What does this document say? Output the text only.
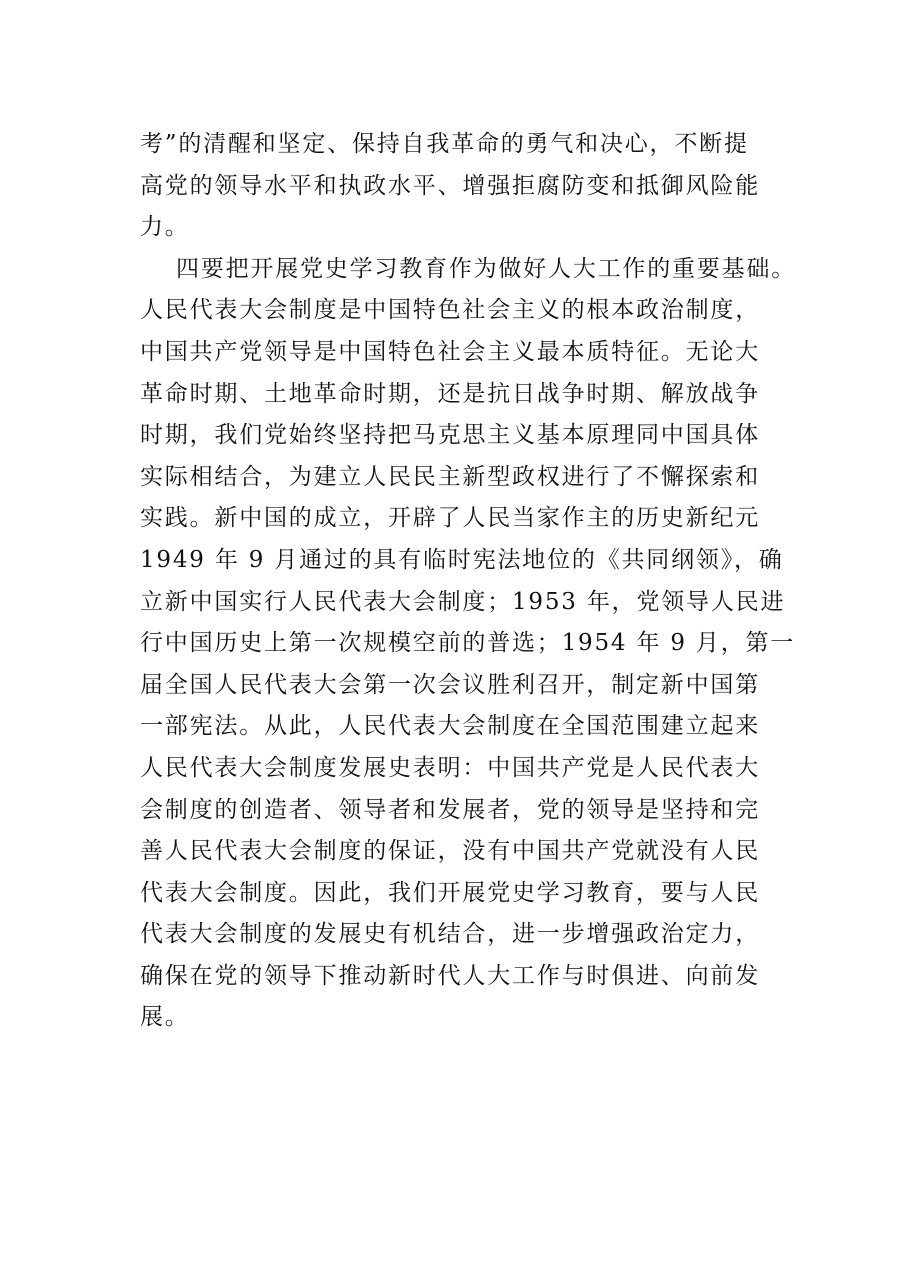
考”的清醒和坚定、保持自我革命的勇气和决心，不断提
高党的领导水平和执政水平、增强拒腐防变和抵御风险能
力。
四要把开展党史学习教育作为做好人大工作的重要基础。
人民代表大会制度是中国特色社会主义的根本政治制度，
中国共产党领导是中国特色社会主义最本质特征。无论大
革命时期、土地革命时期，还是抗日战争时期、解放战争
时期，我们党始终坚持把马克思主义基本原理同中国具体
实际相结合，为建立人民民主新型政权进行了不懈探索和
实践。新中国的成立，开辟了人民当家作主的历史新纪元
1949 年 9 月通过的具有临时宪法地位的《共同纲领》，确
立新中国实行人民代表大会制度；1953 年，党领导人民进
行中国历史上第一次规模空前的普选；1954 年 9 月，第一
届全国人民代表大会第一次会议胜利召开，制定新中国第
一部宪法。从此，人民代表大会制度在全国范围建立起来
人民代表大会制度发展史表明：中国共产党是人民代表大
会制度的创造者、领导者和发展者，党的领导是坚持和完
善人民代表大会制度的保证，没有中国共产党就没有人民
代表大会制度。因此，我们开展党史学习教育，要与人民
代表大会制度的发展史有机结合，进一步增强政治定力，
确保在党的领导下推动新时代人大工作与时俱进、向前发
展。
